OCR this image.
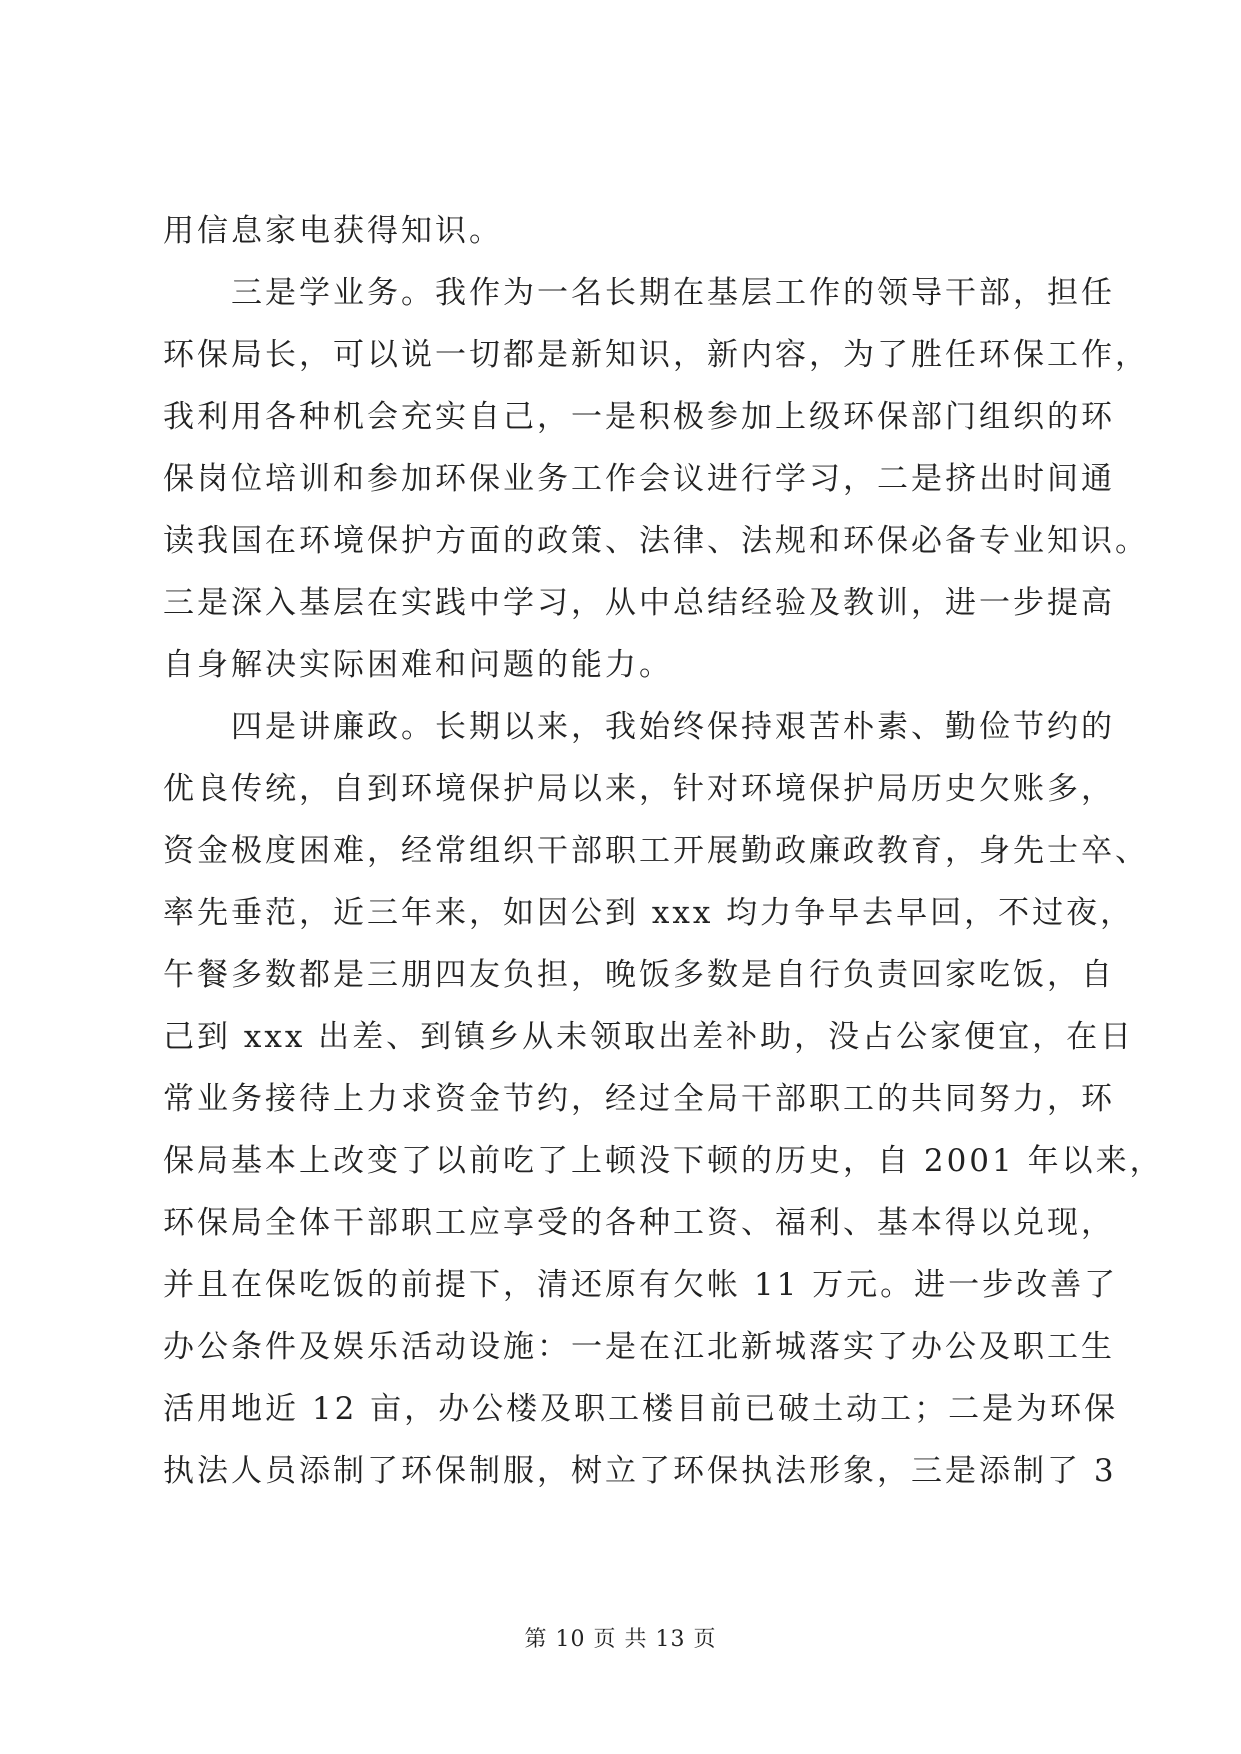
用信息家电获得知识。
　　三是学业务。我作为一名长期在基层工作的领导干部，担任
环保局长，可以说一切都是新知识，新内容，为了胜任环保工作，
我利用各种机会充实自己，一是积极参加上级环保部门组织的环
保岗位培训和参加环保业务工作会议进行学习，二是挤出时间通
读我国在环境保护方面的政策、法律、法规和环保必备专业知识。
三是深入基层在实践中学习，从中总结经验及教训，进一步提高
自身解决实际困难和问题的能力。
　　四是讲廉政。长期以来，我始终保持艰苦朴素、勤俭节约的
优良传统，自到环境保护局以来，针对环境保护局历史欠账多，
资金极度困难，经常组织干部职工开展勤政廉政教育，身先士卒、
率先垂范，近三年来，如因公到 xxx 均力争早去早回，不过夜，
午餐多数都是三朋四友负担，晚饭多数是自行负责回家吃饭，自
己到 xxx 出差、到镇乡从未领取出差补助，没占公家便宜，在日
常业务接待上力求资金节约，经过全局干部职工的共同努力，环
保局基本上改变了以前吃了上顿没下顿的历史，自 2001 年以来，
环保局全体干部职工应享受的各种工资、福利、基本得以兑现，
并且在保吃饭的前提下，清还原有欠帐 11 万元。进一步改善了
办公条件及娱乐活动设施：一是在江北新城落实了办公及职工生
活用地近 12 亩，办公楼及职工楼目前已破土动工；二是为环保
执法人员添制了环保制服，树立了环保执法形象，三是添制了 3
第 10 页 共 13 页
